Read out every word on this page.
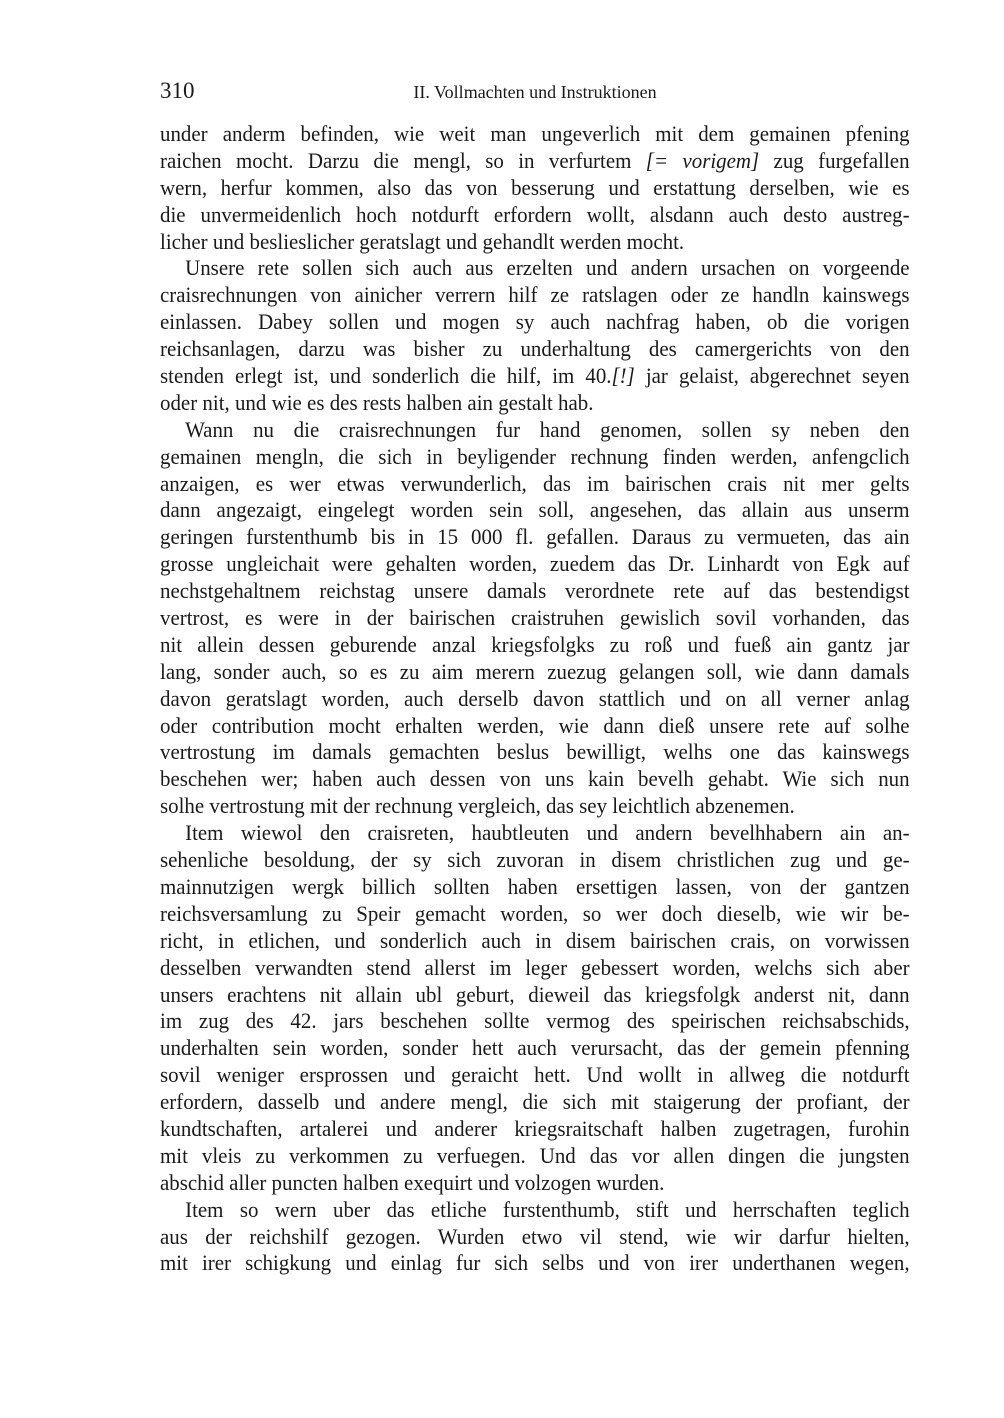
310	II. Vollmachten und Instruktionen
under anderm befinden, wie weit man ungeverlich mit dem gemainen pfening
raichen mocht. Darzu die mengl, so in verfurtem [= vorigem] zug furgefallen
wern, herfur kommen, also das von besserung und erstattung derselben, wie es
die unvermeidenlich hoch notdurft erfordern wollt, alsdann auch desto austreg-
licher und beslieslicher geratslagt und gehandlt werden mocht.
Unsere rete sollen sich auch aus erzelten und andern ursachen on vorgeende
craisrechnungen von ainicher verrern hilf ze ratslagen oder ze handln kainswegs
einlassen. Dabey sollen und mogen sy auch nachfrag haben, ob die vorigen
reichsanlagen, darzu was bisher zu underhaltung des camergerichts von den
stenden erlegt ist, und sonderlich die hilf, im 40.[!] jar gelaist, abgerechnet seyen
oder nit, und wie es des rests halben ain gestalt hab.
Wann nu die craisrechnungen fur hand genomen, sollen sy neben den
gemainen mengln, die sich in beyligender rechnung finden werden, anfengclich
anzaigen, es wer etwas verwunderlich, das im bairischen crais nit mer gelts
dann angezaigt, eingelegt worden sein soll, angesehen, das allain aus unserm
geringen furstenthumb bis in 15 000 fl. gefallen. Daraus zu vermueten, das ain
grosse ungleichait were gehalten worden, zuedem das Dr. Linhardt von Egk auf
nechstgehaltnem reichstag unsere damals verordnete rete auf das bestendigst
vertrost, es were in der bairischen craistruhen gewislich sovil vorhanden, das
nit allein dessen geburende anzal kriegsfolgks zu roß und fueß ain gantz jar
lang, sonder auch, so es zu aim merern zuezug gelangen soll, wie dann damals
davon geratslagt worden, auch derselb davon stattlich und on all verner anlag
oder contribution mocht erhalten werden, wie dann dieß unsere rete auf solhe
vertrostung im damals gemachten beslus bewilligt, welhs one das kainswegs
beschehen wer; haben auch dessen von uns kain bevelh gehabt. Wie sich nun
solhe vertrostung mit der rechnung vergleich, das sey leichtlich abzenemen.
Item wiewol den craisreten, haubtleuten und andern bevelhhabern ain an-
sehenliche besoldung, der sy sich zuvoran in disem christlichen zug und ge-
mainnutzigen wergk billich sollten haben ersettigen lassen, von der gantzen
reichsversamlung zu Speir gemacht worden, so wer doch dieselb, wie wir be-
richt, in etlichen, und sonderlich auch in disem bairischen crais, on vorwissen
desselben verwandten stend allerst im leger gebessert worden, welchs sich aber
unsers erachtens nit allain ubl geburt, dieweil das kriegsfolgk anderst nit, dann
im zug des 42. jars beschehen sollte vermog des speirischen reichsabschids,
underhalten sein worden, sonder hett auch verursacht, das der gemein pfenning
sovil weniger ersprossen und geraicht hett. Und wollt in allweg die notdurft
erfordern, dasselb und andere mengl, die sich mit staigerung der profiant, der
kundtschaften, artalerei und anderer kriegsraitschaft halben zugetragen, furohin
mit vleis zu verkommen zu verfuegen. Und das vor allen dingen die jungsten
abschid aller puncten halben exequirt und volzogen wurden.
Item so wern uber das etliche furstenthumb, stift und herrschaften teglich
aus der reichshilf gezogen. Wurden etwo vil stend, wie wir darfur hielten,
mit irer schigkung und einlag fur sich selbs und von irer underthanen wegen,
